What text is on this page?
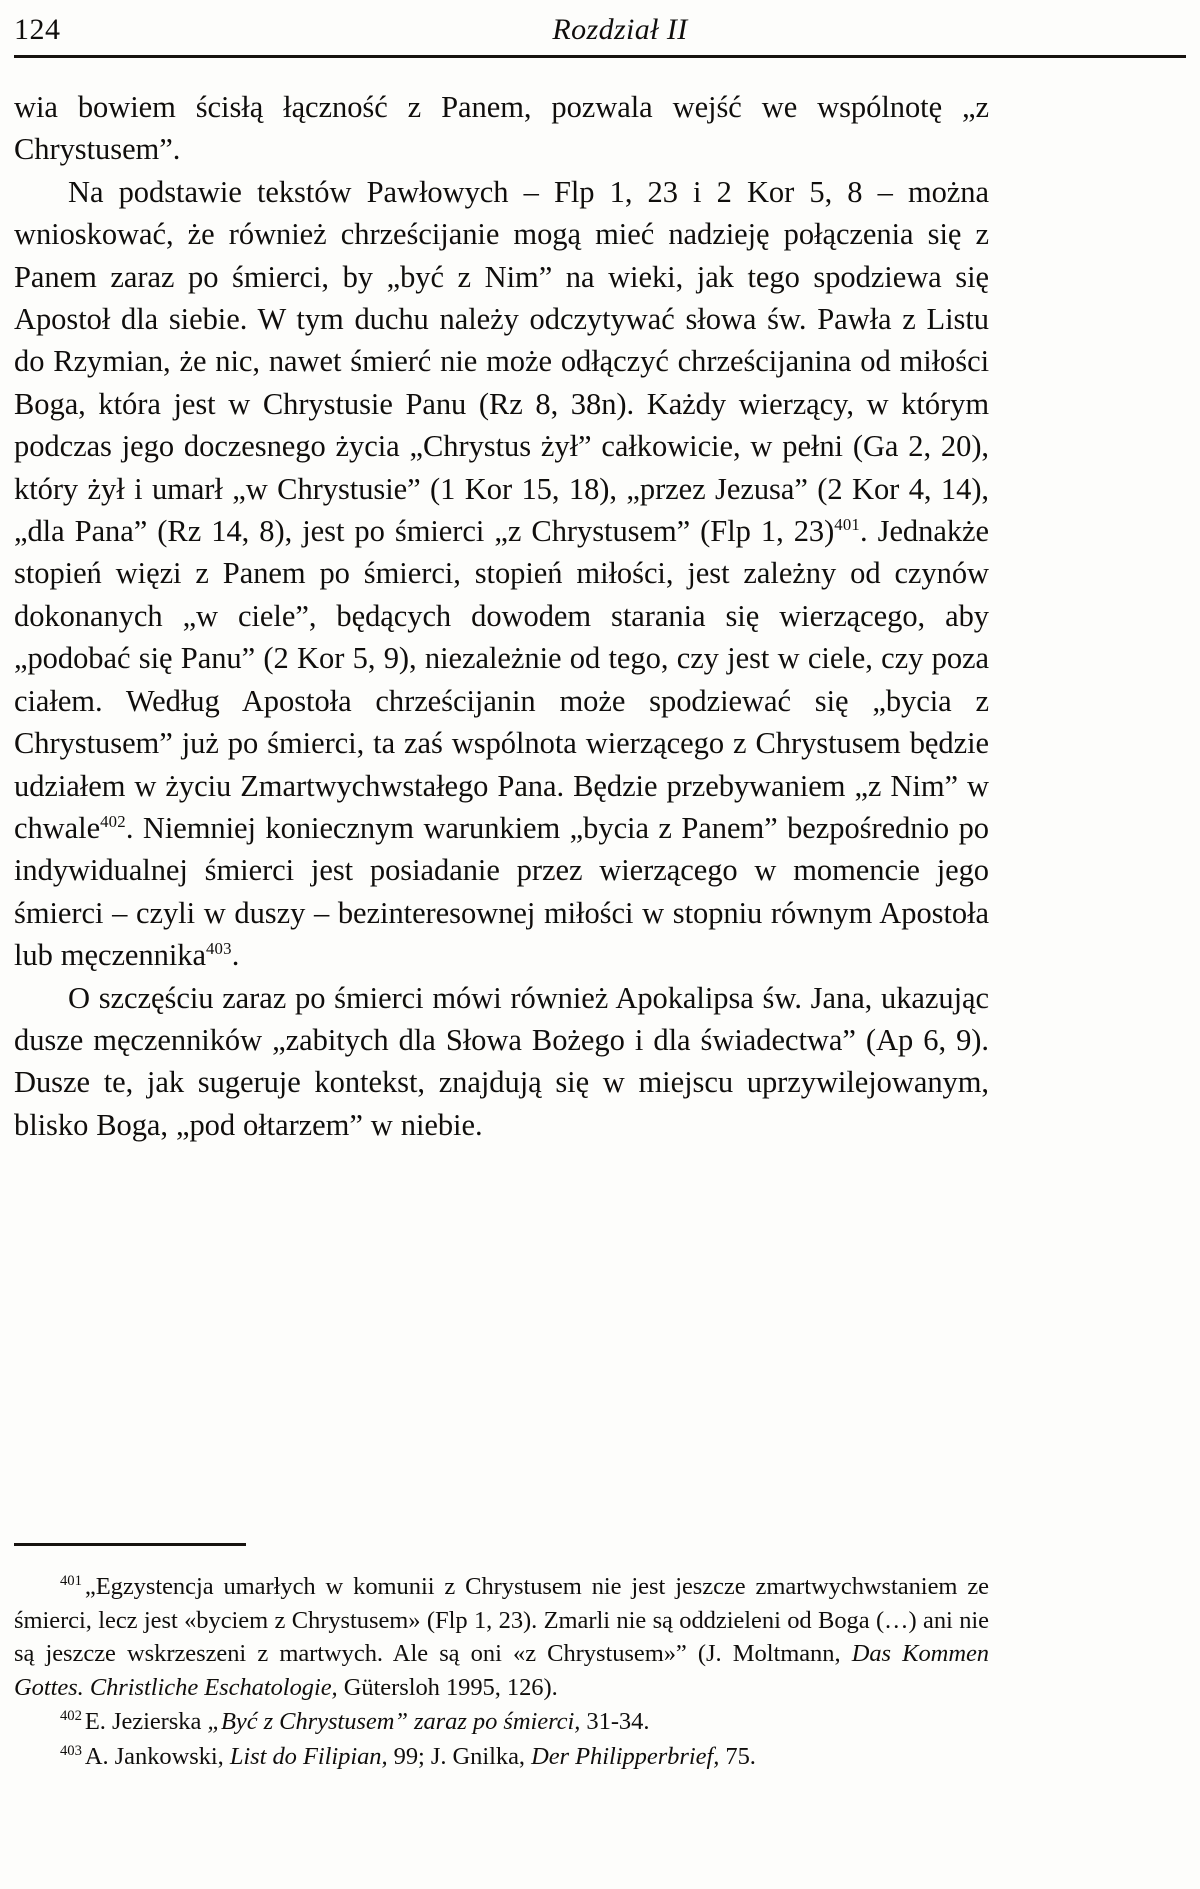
124	Rozdział II

wia bowiem ścisłą łączność z Panem, pozwala wejść we wspólnotę „z Chrystusem”.

Na podstawie tekstów Pawłowych – Flp 1, 23 i 2 Kor 5, 8 – można wnioskować, że również chrześcijanie mogą mieć nadzieję połączenia się z Panem zaraz po śmierci, by „być z Nim” na wieki, jak tego spodziewa się Apostoł dla siebie. W tym duchu należy odczytywać słowa św. Pawła z Listu do Rzymian, że nic, nawet śmierć nie może odłączyć chrześcijanina od miłości Boga, która jest w Chrystusie Panu (Rz 8, 38n). Każdy wierzący, w którym podczas jego doczesnego życia „Chrystus żył” całkowicie, w pełni (Ga 2, 20), który żył i umarł „w Chrystusie” (1 Kor 15, 18), „przez Jezusa” (2 Kor 4, 14), „dla Pana” (Rz 14, 8), jest po śmierci „z Chrystusem” (Flp 1, 23)$^{401}$. Jednakże stopień więzi z Panem po śmierci, stopień miłości, jest zależny od czynów dokonanych „w ciele”, będących dowodem starania się wierzącego, aby „podobać się Panu” (2 Kor 5, 9), niezależnie od tego, czy jest w ciele, czy poza ciałem. Według Apostoła chrześcijanin może spodziewać się „bycia z Chrystusem” już po śmierci, ta zaś wspólnota wierzącego z Chrystusem będzie udziałem w życiu Zmartwychwstałego Pana. Będzie przebywaniem „z Nim” w chwale$^{402}$. Niemniej koniecznym warunkiem „bycia z Panem” bezpośrednio po indywidualnej śmierci jest posiadanie przez wierzącego w momencie jego śmierci – czyli w duszy – bezinteresownej miłości w stopniu równym Apostoła lub męczennika$^{403}$.

O szczęściu zaraz po śmierci mówi również Apokalipsa św. Jana, ukazując dusze męczenników „zabitych dla Słowa Bożego i dla świadectwa” (Ap 6, 9). Dusze te, jak sugeruje kontekst, znajdują się w miejscu uprzywilejowanym, blisko Boga, „pod ołtarzem” w niebie.

$^{401}$ „Egzystencja umarłych w komunii z Chrystusem nie jest jeszcze zmartwychwstaniem ze śmierci, lecz jest «byciem z Chrystusem» (Flp 1, 23). Zmarli nie są oddzieleni od Boga (…) ani nie są jeszcze wskrzeszeni z martwych. Ale są oni «z Chrystusem»” (J. Moltmann, Das Kommen Gottes. Christliche Eschatologie, Gütersloh 1995, 126).

$^{402}$ E. Jezierska „Być z Chrystusem” zaraz po śmierci, 31-34.

$^{403}$ A. Jankowski, List do Filipian, 99; J. Gnilka, Der Philipperbrief, 75.
